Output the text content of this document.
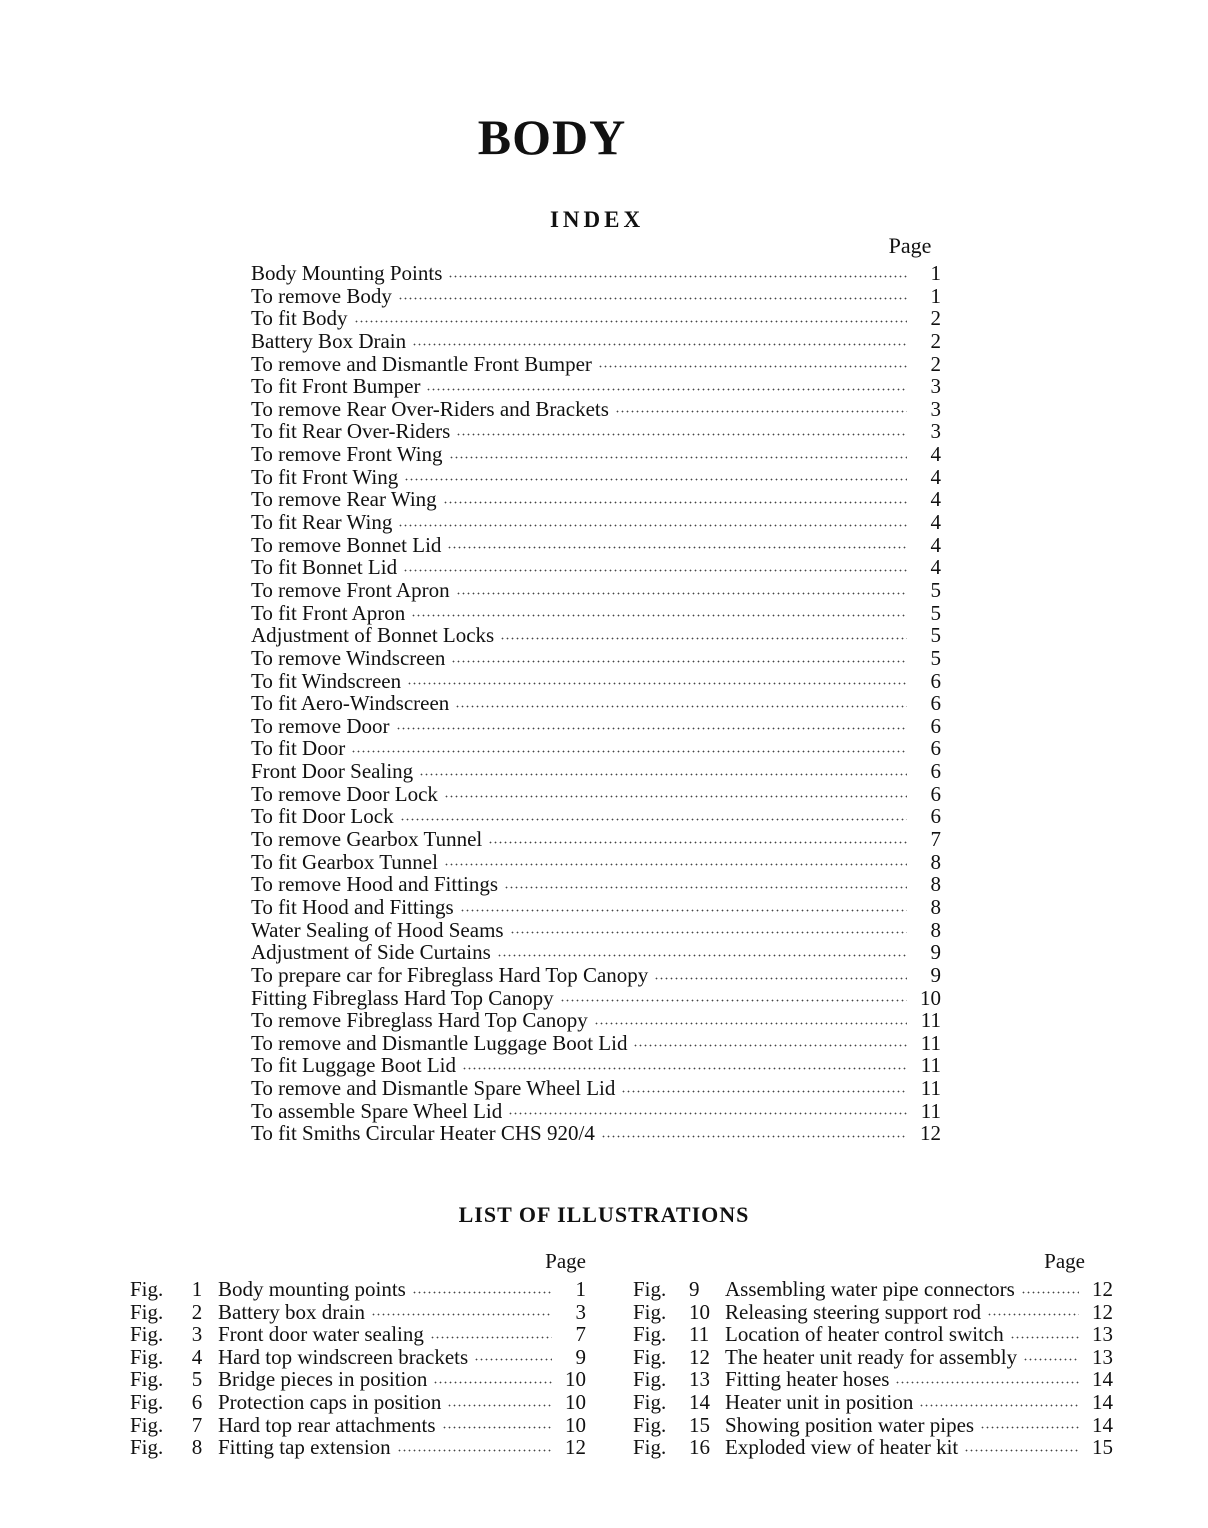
BODY
INDEX
Page
Body Mounting Points	1
To remove Body	1
To fit Body	2
Battery Box Drain	2
To remove and Dismantle Front Bumper	2
To fit Front Bumper	3
To remove Rear Over-Riders and Brackets	3
To fit Rear Over-Riders	3
To remove Front Wing	4
To fit Front Wing	4
To remove Rear Wing	4
To fit Rear Wing	4
To remove Bonnet Lid	4
To fit Bonnet Lid	4
To remove Front Apron	5
To fit Front Apron	5
Adjustment of Bonnet Locks	5
To remove Windscreen	5
To fit Windscreen	6
To fit Aero-Windscreen	6
To remove Door	6
To fit Door	6
Front Door Sealing	6
To remove Door Lock	6
To fit Door Lock	6
To remove Gearbox Tunnel	7
To fit Gearbox Tunnel	8
To remove Hood and Fittings	8
To fit Hood and Fittings	8
Water Sealing of Hood Seams	8
Adjustment of Side Curtains	9
To prepare car for Fibreglass Hard Top Canopy	9
Fitting Fibreglass Hard Top Canopy	10
To remove Fibreglass Hard Top Canopy	11
To remove and Dismantle Luggage Boot Lid	11
To fit Luggage Boot Lid	11
To remove and Dismantle Spare Wheel Lid	11
To assemble Spare Wheel Lid	11
To fit Smiths Circular Heater CHS 920/4	12
LIST OF ILLUSTRATIONS
Page
Fig.	1 Body mounting points	1
Fig.	2 Battery box drain	3
Fig.	3 Front door water sealing	7
Fig.	4 Hard top windscreen brackets	9
Fig.	5 Bridge pieces in position	10
Fig.	6 Protection caps in position	10
Fig.	7 Hard top rear attachments	10
Fig.	8 Fitting tap extension	12
Page
Fig.	9	Assembling water pipe connectors	12
Fig.	10 Releasing steering support rod	12
Fig.	11 Location of heater control switch	13
Fig.	12 The heater unit ready for assembly	13
Fig.	13 Fitting heater hoses	14
Fig.	14 Heater unit in position	14
Fig.	15 Showing position water pipes	14
Fig.	16 Exploded view of heater kit	15
